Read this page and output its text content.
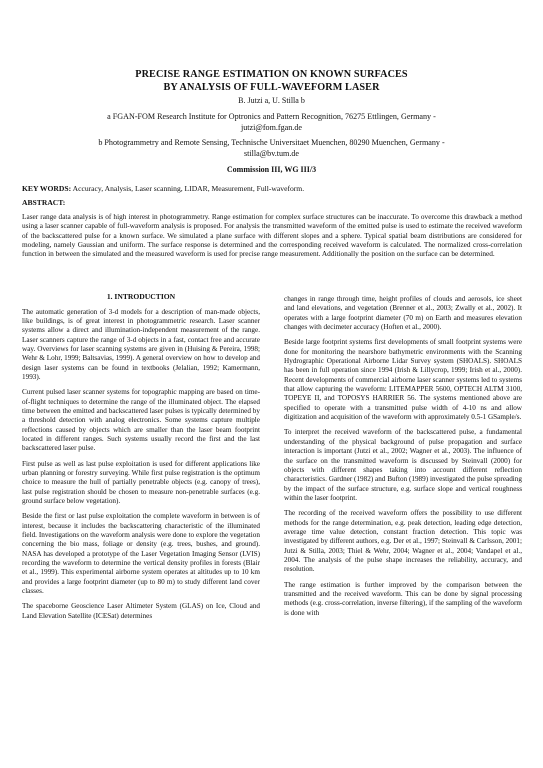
PRECISE RANGE ESTIMATION ON KNOWN SURFACES
BY ANALYSIS OF FULL-WAVEFORM LASER
B. Jutzi a, U. Stilla b
a FGAN-FOM Research Institute for Optronics and Pattern Recognition, 76275 Ettlingen, Germany -
jutzi@fom.fgan.de
b Photogrammetry and Remote Sensing, Technische Universitaet Muenchen, 80290 Muenchen, Germany -
stilla@bv.tum.de
Commission III, WG III/3
KEY WORDS: Accuracy, Analysis, Laser scanning, LIDAR, Measurement, Full-waveform.
ABSTRACT:
Laser range data analysis is of high interest in photogrammetry. Range estimation for complex surface structures can be inaccurate. To overcome this drawback a method using a laser scanner capable of full-waveform analysis is proposed. For analysis the transmitted waveform of the emitted pulse is used to estimate the received waveform of the backscattered pulse for a known surface. We simulated a plane surface with different slopes and a sphere. Typical spatial beam distributions are considered for modeling, namely Gaussian and uniform. The surface response is determined and the corresponding received waveform is calculated. The normalized cross-correlation function in between the simulated and the measured waveform is used for precise range measurement. Additionally the position on the surface can be determined.
1. INTRODUCTION

The automatic generation of 3-d models for a description of man-made objects, like buildings, is of great interest in photogrammetric research. Laser scanner systems allow a direct and illumination-independent measurement of the range. Laser scanners capture the range of 3-d objects in a fast, contact free and accurate way. Overviews for laser scanning systems are given in (Huising & Pereira, 1998; Wehr & Lohr, 1999; Baltsavias, 1999). A general overview on how to develop and design laser systems can be found in textbooks (Jelalian, 1992; Kamermann, 1993).

Current pulsed laser scanner systems for topographic mapping are based on time-of-flight techniques to determine the range of the illuminated object. The elapsed time between the emitted and backscattered laser pulses is typically determined by a threshold detection with analog electronics. Some systems capture multiple reflections caused by objects which are smaller than the laser beam footprint located in different ranges. Such systems usually record the first and the last backscattered laser pulse.

First pulse as well as last pulse exploitation is used for different applications like urban planning or forestry surveying. While first pulse registration is the optimum choice to measure the hull of partially penetrable objects (e.g. canopy of trees), last pulse registration should be chosen to measure non-penetrable surfaces (e.g. ground surface below vegetation).

Beside the first or last pulse exploitation the complete waveform in between is of interest, because it includes the backscattering characteristic of the illuminated field. Investigations on the waveform analysis were done to explore the vegetation concerning the bio mass, foliage or density (e.g. trees, bushes, and ground). NASA has developed a prototype of the Laser Vegetation Imaging Sensor (LVIS) recording the waveform to determine the vertical density profiles in forests (Blair et al., 1999). This experimental airborne system operates at altitudes up to 10 km and provides a large footprint diameter (up to 80 m) to study different land cover classes.

The spaceborne Geoscience Laser Altimeter System (GLAS) on Ice, Cloud and Land Elevation Satellite (ICESat) determines

changes in range through time, height profiles of clouds and aerosols, ice sheet and land elevations, and vegetation (Brenner et al., 2003; Zwally et al., 2002). It operates with a large footprint diameter (70 m) on Earth and measures elevation changes with decimeter accuracy (Hoften et al., 2000).

Beside large footprint systems first developments of small footprint systems were done for monitoring the nearshore bathymetric environments with the Scanning Hydrographic Operational Airborne Lidar Survey system (SHOALS). SHOALS has been in full operation since 1994 (Irish & Lillycrop, 1999; Irish et al., 2000). Recent developments of commercial airborne laser scanner systems led to systems that allow capturing the waveform: LITEMAPPER 5600, OPTECH ALTM 3100, TOPEYE II, and TOPOSYS HARRIER 56. The systems mentioned above are specified to operate with a transmitted pulse width of 4-10 ns and allow digitization and acquisition of the waveform with approximately 0.5-1 GSample/s.

To interpret the received waveform of the backscattered pulse, a fundamental understanding of the physical background of pulse propagation and surface interaction is important (Jutzi et al., 2002; Wagner et al., 2003). The influence of the surface on the transmitted waveform is discussed by Steinvall (2000) for objects with different shapes taking into account different reflection characteristics. Gardner (1982) and Bufton (1989) investigated the pulse spreading by the impact of the surface structure, e.g. surface slope and vertical roughness within the laser footprint.

The recording of the received waveform offers the possibility to use different methods for the range determination, e.g. peak detection, leading edge detection, average time value detection, constant fraction detection. This topic was investigated by different authors, e.g. Der et al., 1997; Steinvall & Carlsson, 2001; Jutzi & Stilla, 2003; Thiel & Wehr, 2004; Wagner et al., 2004; Vandapel et al., 2004. The analysis of the pulse shape increases the reliability, accuracy, and resolution.

The range estimation is further improved by the comparison between the transmitted and the received waveform. This can be done by signal processing methods (e.g. cross-correlation, inverse filtering), if the sampling of the waveform is done with
